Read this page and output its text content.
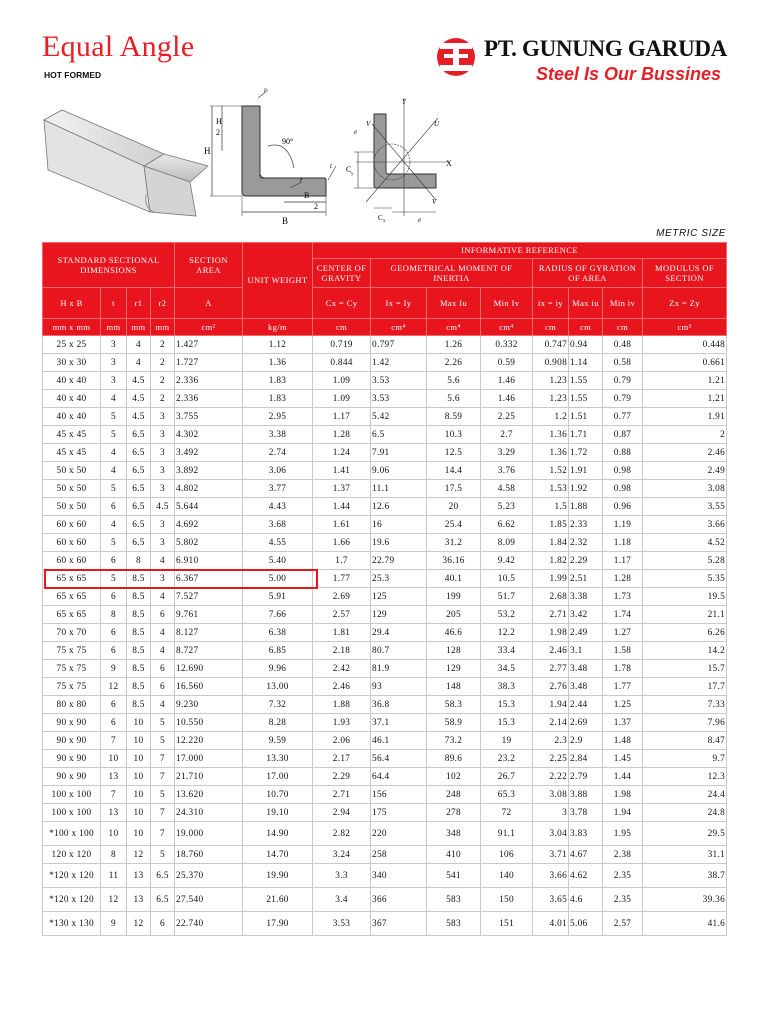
Equal Angle
HOT FORMED
PT. GUNUNG GARUDA
Steel Is Our Bussines
H
H
2
90°
r
r
B
2
B
t
Y
X
U
V
V
C
y
C x
e
e
METRIC SIZE
STANDARD SECTIONAL DIMENSIONS				SECTION AREA	UNIT WEIGHT	INFORMATIVE REFERENCE							
						CENTER OF GRAVITY	GEOMETRICAL MOMENT OF INERTIA			RADIUS OF GYRATION OF AREA			MODULUS OF SECTION
H x B	t	r1	r2	A		Cx = Cy	Ix = Iy	Max Iu	Min Iv	ix = iy	Max iu	Min iv	Zx = Zy
mm x mm	mm	mm	mm	cm²	kg/m	cm	cm⁴	cm⁴	cm⁴	cm	cm	cm	cm³
25 x 25	3	4	2	1.427	1.12	0.719	0.797	1.26	0.332	0.747	0.94	0.48	0.448
30 x 30	3	4	2	1.727	1.36	0.844	1.42	2.26	0.59	0.908	1.14	0.58	0.661
40 x 40	3	4.5	2	2.336	1.83	1.09	3.53	5.6	1.46	1.23	1.55	0.79	1.21
40 x 40	4	4.5	2	2.336	1.83	1.09	3.53	5.6	1.46	1.23	1.55	0.79	1.21
40 x 40	5	4.5	3	3.755	2.95	1.17	5.42	8.59	2.25	1.2	1.51	0.77	1.91
45 x 45	5	6.5	3	4.302	3.38	1.28	6.5	10.3	2.7	1.36	1.71	0.87	2
45 x 45	4	6.5	3	3.492	2.74	1.24	7.91	12.5	3.29	1.36	1.72	0.88	2.46
50 x 50	4	6.5	3	3.892	3.06	1.41	9.06	14.4	3.76	1.52	1.91	0.98	2.49
50 x 50	5	6.5	3	4.802	3.77	1.37	11.1	17.5	4.58	1.53	1.92	0.98	3.08
50 x 50	6	6.5	4.5	5.644	4.43	1.44	12.6	20	5.23	1.5	1.88	0.96	3.55
60 x 60	4	6.5	3	4.692	3.68	1.61	16	25.4	6.62	1.85	2.33	1.19	3.66
60 x 60	5	6.5	3	5.802	4.55	1.66	19.6	31.2	8.09	1.84	2.32	1.18	4.52
60 x 60	6	8	4	6.910	5.40	1.7	22.79	36.16	9.42	1.82	2.29	1.17	5.28
65 x 65	5	8.5	3	6.367	5.00	1.77	25.3	40.1	10.5	1.99	2.51	1.28	5.35
65 x 65	6	8.5	4	7.527	5.91	2.69	125	199	51.7	2.68	3.38	1.73	19.5
65 x 65	8	8.5	6	9.761	7.66	2.57	129	205	53.2	2.71	3.42	1.74	21.1
70 x 70	6	8.5	4	8.127	6.38	1.81	29.4	46.6	12.2	1.98	2.49	1.27	6.26
75 x 75	6	8.5	4	8.727	6.85	2.18	80.7	128	33.4	2.46	3.1	1.58	14.2
75 x 75	9	8.5	6	12.690	9.96	2.42	81.9	129	34.5	2.77	3.48	1.78	15.7
75 x 75	12	8.5	6	16.560	13.00	2.46	93	148	38.3	2.76	3.48	1.77	17.7
80 x 80	6	8.5	4	9.230	7.32	1.88	36.8	58.3	15.3	1.94	2.44	1.25	7.33
90 x 90	6	10	5	10.550	8.28	1.93	37.1	58.9	15.3	2.14	2.69	1.37	7.96
90 x 90	7	10	5	12.220	9.59	2.06	46.1	73.2	19	2.3	2.9	1.48	8.47
90 x 90	10	10	7	17.000	13.30	2.17	56.4	89.6	23.2	2.25	2.84	1.45	9.7
90 x 90	13	10	7	21.710	17.00	2.29	64.4	102	26.7	2.22	2.79	1.44	12.3
100 x 100	7	10	5	13.620	10.70	2.71	156	248	65.3	3.08	3.88	1.98	24.4
100 x 100	13	10	7	24.310	19.10	2.94	175	278	72	3	3.78	1.94	24.8
*100 x 100	10	10	7	19.000	14.90	2.82	220	348	91.1	3.04	3.83	1.95	29.5
120 x 120	8	12	5	18.760	14.70	3.24	258	410	106	3.71	4.67	2.38	31.1
*120 x 120	11	13	6.5	25.370	19.90	3.3	340	541	140	3.66	4.62	2.35	38.7
*120 x 120	12	13	6.5	27.540	21.60	3.4	366	583	150	3.65	4.6	2.35	39.36
*130 x 130	9	12	6	22.740	17.90	3.53	367	583	151	4.01	5.06	2.57	41.6
